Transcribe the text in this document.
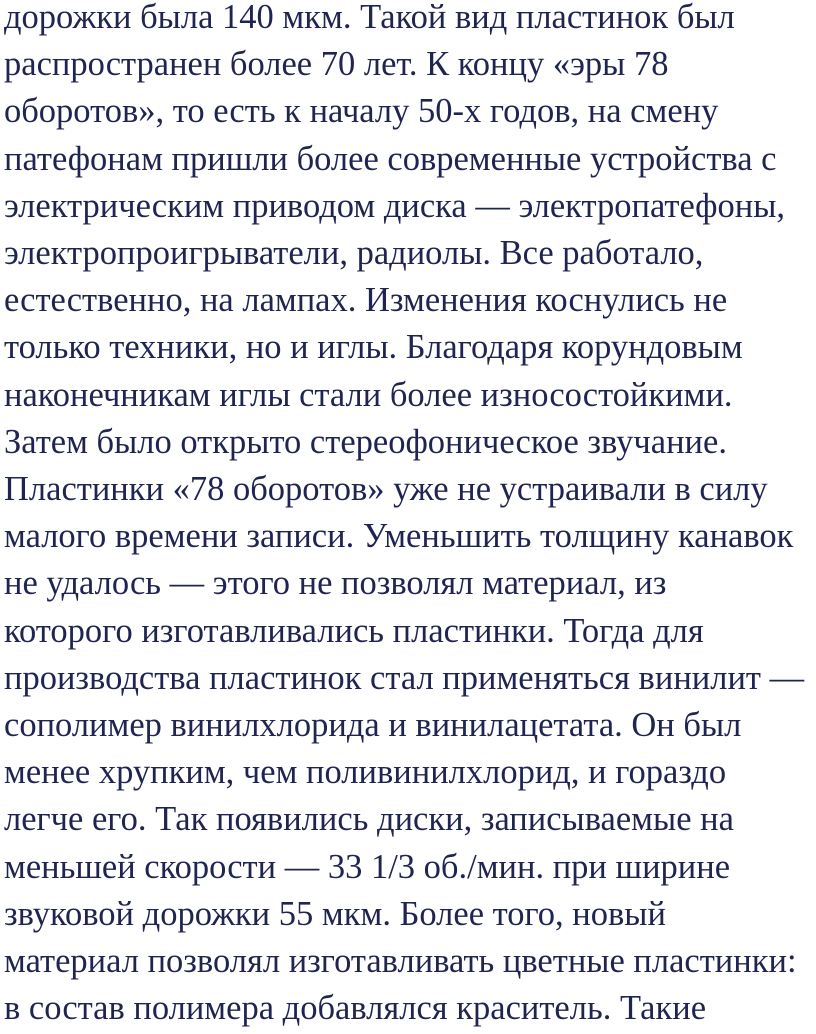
дорожки была 140 мкм. Такой вид пластинок был

распространен более 70 лет. К концу «эры 78

оборотов», то есть к началу 50-х годов, на смену

патефонам пришли более современные устройства с

электрическим приводом диска — электропатефоны,

электропроигрыватели, радиолы. Все работало,

естественно, на лампах. Изменения коснулись не

только техники, но и иглы. Благодаря корундовым

наконечникам иглы стали более износостойкими.

Затем было открыто стереофоническое звучание.

Пластинки «78 оборотов» уже не устраивали в силу

малого времени записи. Уменьшить толщину канавок

не удалось — этого не позволял материал, из

которого изготавливались пластинки. Тогда для

производства пластинок стал применяться винилит —

сополимер винилхлорида и винилацетата. Он был

менее хрупким, чем поливинилхлорид, и гораздо

легче его. Так появились диски, записываемые на

меньшей скорости — 33 1/3 об./мин. при ширине

звуковой дорожки 55 мкм. Более того, новый

материал позволял изготавливать цветные пластинки:

в состав полимера добавлялся краситель. Такие
